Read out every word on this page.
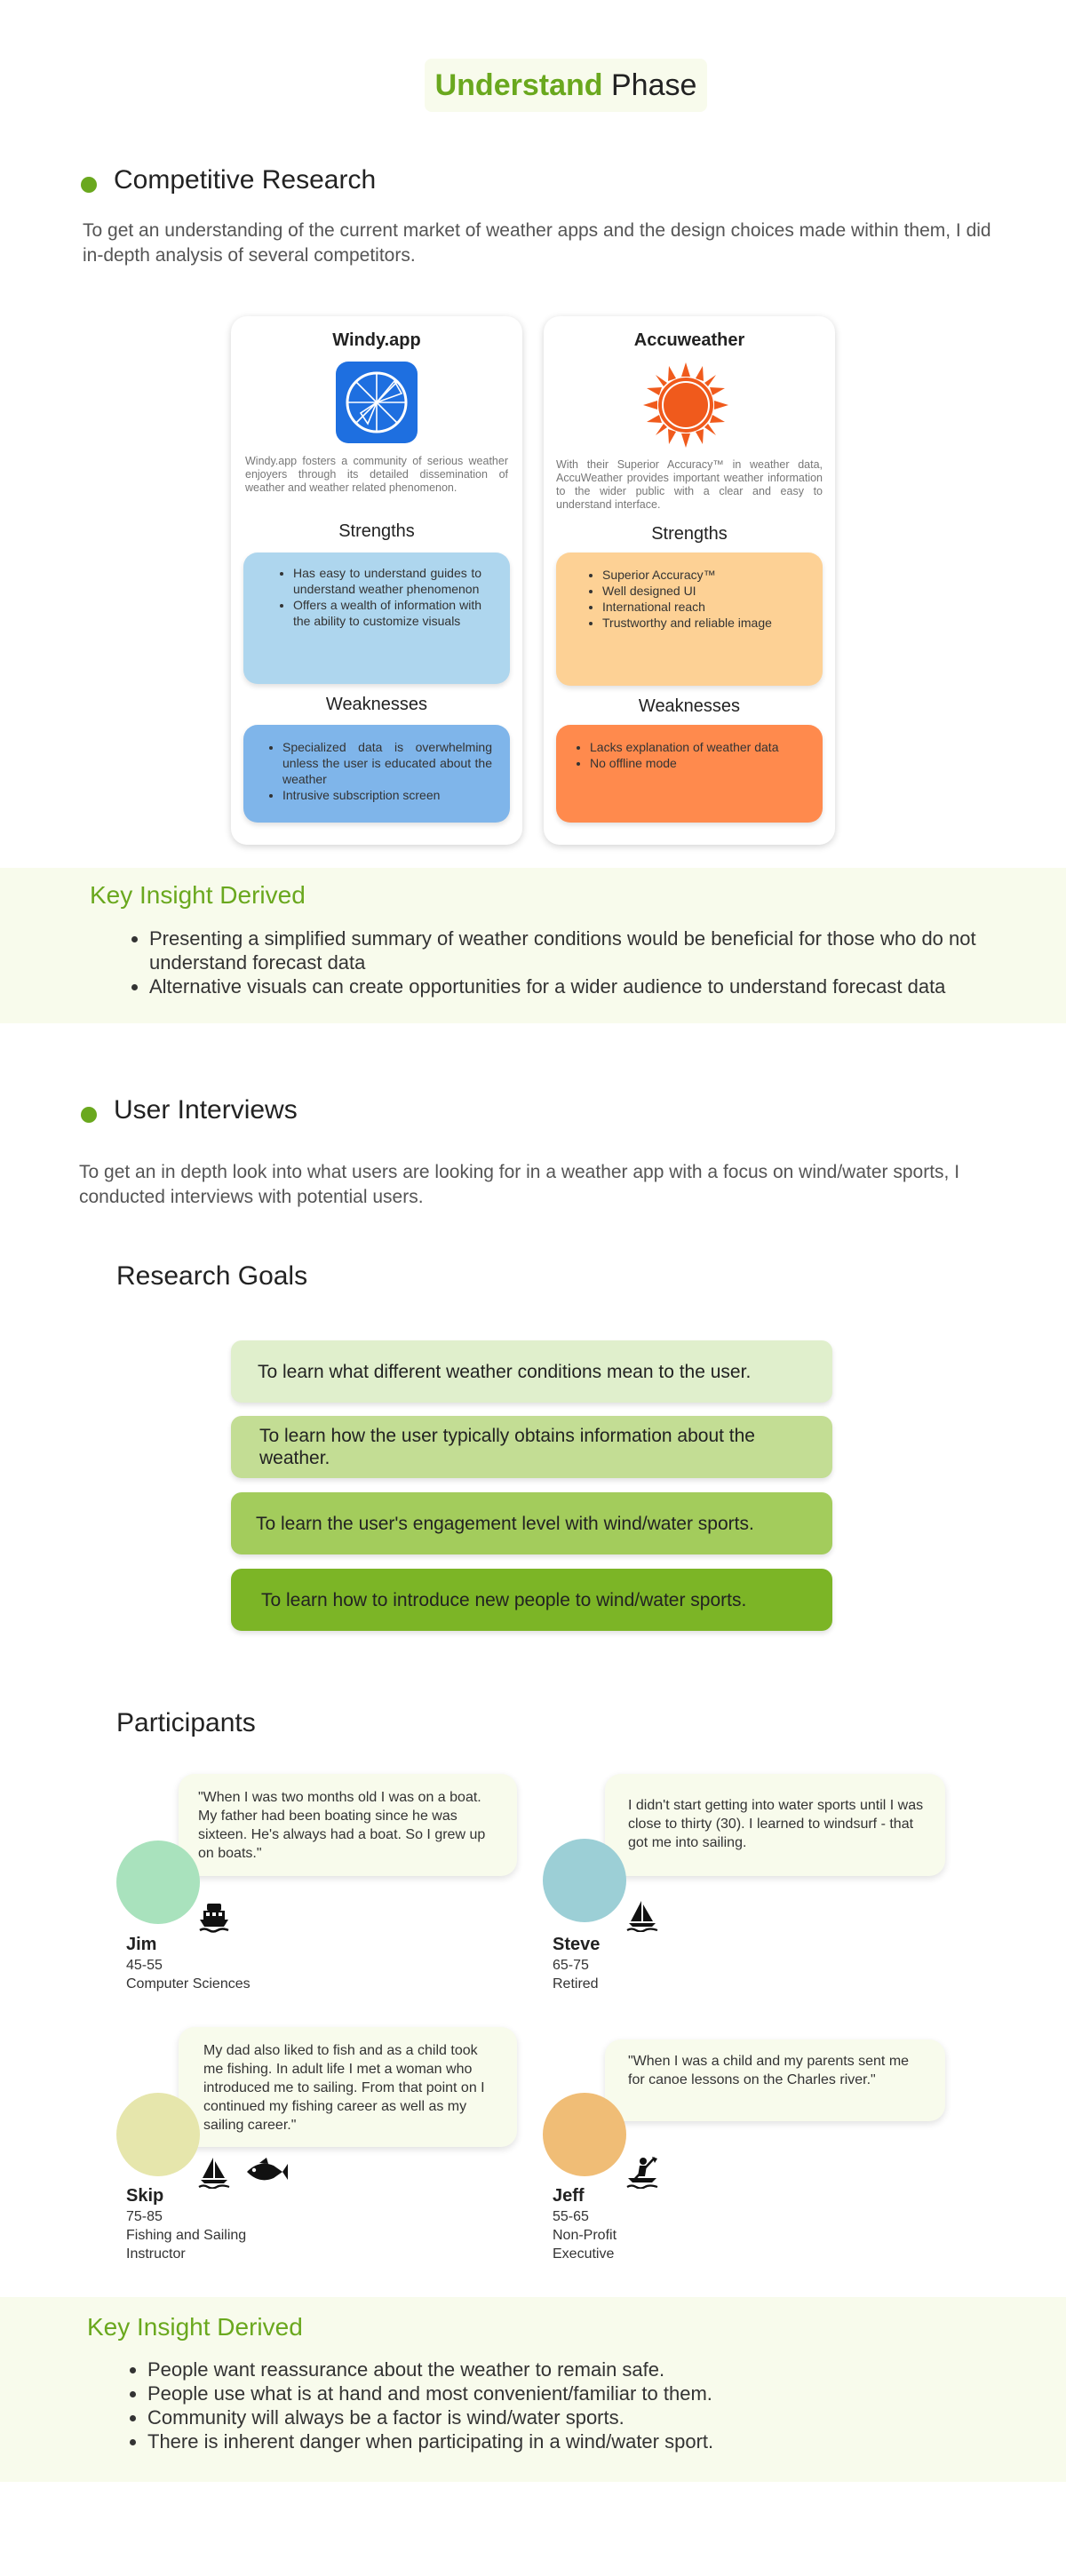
Understand Phase
Competitive Research
To get an understanding of the current market of weather apps and the design choices made within them, I did in-depth analysis of several competitors.
Windy.app
Windy.app fosters a community of serious weather enjoyers through its detailed dissemination of weather and weather related phenomenon.
Strengths
• Has easy to understand guides to understand weather phenomenon
• Offers a wealth of information with the ability to customize visuals
Weaknesses
• Specialized data is overwhelming unless the user is educated about the weather
• Intrusive subscription screen
Accuweather
With their Superior Accuracy™ in weather data, AccuWeather provides important weather information to the wider public with a clear and easy to understand interface.
Strengths
• Superior Accuracy™
• Well designed UI
• International reach
• Trustworthy and reliable image
Weaknesses
• Lacks explanation of weather data
• No offline mode
Key Insight Derived
• Presenting a simplified summary of weather conditions would be beneficial for those who do not understand forecast data
• Alternative visuals can create opportunities for a wider audience to understand forecast data
User Interviews
To get an in depth look into what users are looking for in a weather app with a focus on wind/water sports, I conducted interviews with potential users.
Research Goals
To learn what different weather conditions mean to the user.
To learn how the user typically obtains information about the weather.
To learn the user's engagement level with wind/water sports.
To learn how to introduce new people to wind/water sports.
Participants
"When I was two months old I was on a boat. My father had been boating since he was sixteen. He's always had a boat. So I grew up on boats."
Jim
45-55
Computer Sciences
I didn't start getting into water sports until I was close to thirty (30). I learned to windsurf - that got me into sailing.
Steve
65-75
Retired
My dad also liked to fish and as a child took me fishing. In adult life I met a woman who introduced me to sailing. From that point on I continued my fishing career as well as my sailing career."
Skip
75-85
Fishing and Sailing Instructor
"When I was a child and my parents sent me for canoe lessons on the Charles river."
Jeff
55-65
Non-Profit Executive
Key Insight Derived
• People want reassurance about the weather to remain safe.
• People use what is at hand and most convenient/familiar to them.
• Community will always be a factor is wind/water sports.
• There is inherent danger when participating in a wind/water sport.
